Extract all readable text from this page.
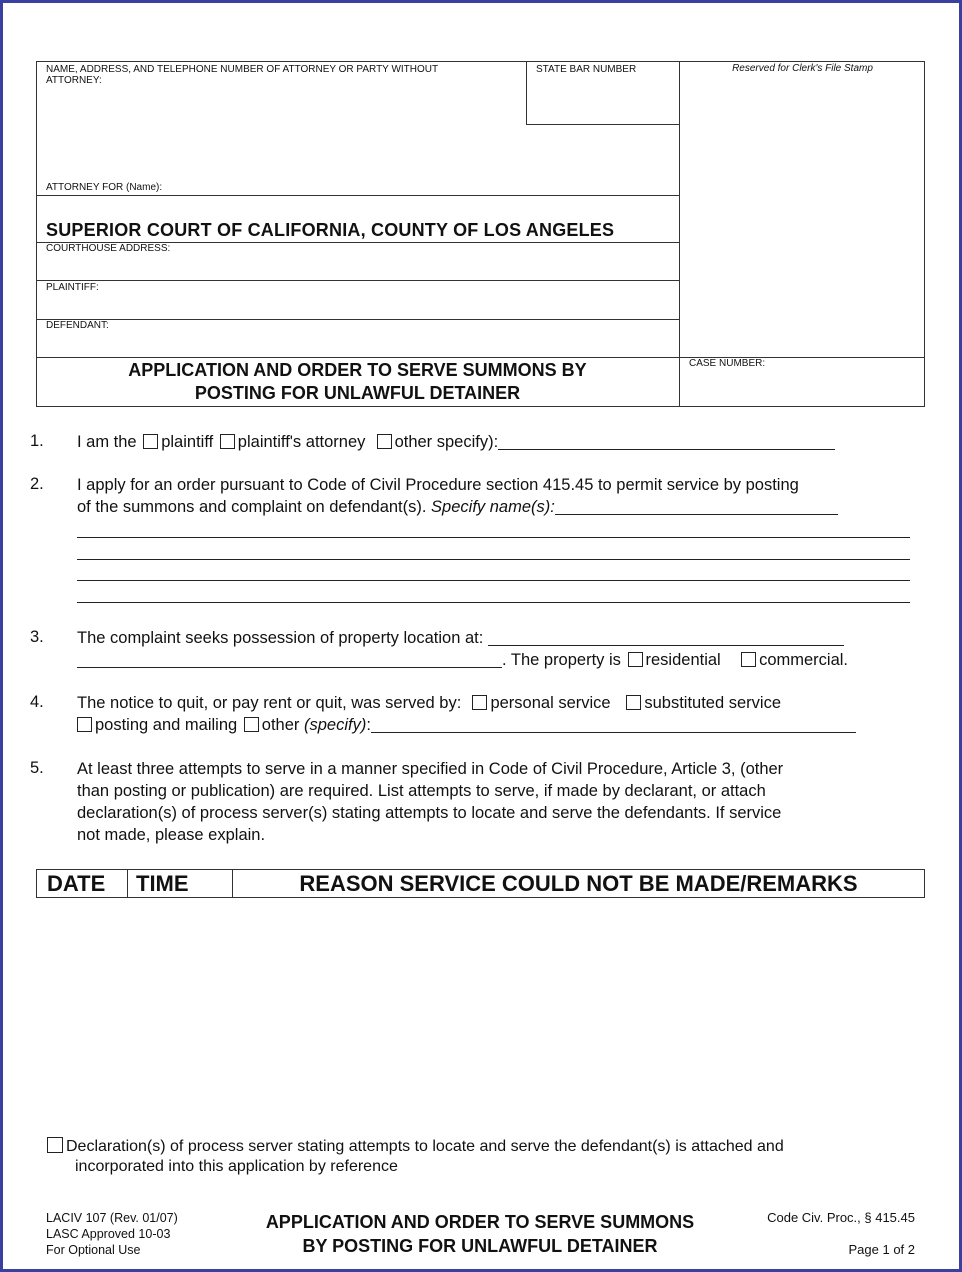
NAME, ADDRESS, AND TELEPHONE NUMBER OF ATTORNEY OR PARTY WITHOUT ATTORNEY:
STATE BAR NUMBER	Reserved for Clerk's File Stamp
ATTORNEY FOR (Name):
SUPERIOR COURT OF CALIFORNIA, COUNTY OF LOS ANGELES
COURTHOUSE ADDRESS:
PLAINTIFF:
DEFENDANT:
APPLICATION AND ORDER TO SERVE SUMMONS BY
POSTING FOR UNLAWFUL DETAINER
CASE NUMBER:
1. I am the plaintiff plaintiff's attorney other specify):
2. I apply for an order pursuant to Code of Civil Procedure section 415.45 to permit service by posting
of the summons and complaint on defendant(s). Specify name(s):
3. The complaint seeks possession of property location at:
. The property is residential commercial.
4. The notice to quit, or pay rent or quit, was served by: personal service substituted service
posting and mailing other (specify):
5. At least three attempts to serve in a manner specified in Code of Civil Procedure, Article 3, (other
than posting or publication) are required. List attempts to serve, if made by declarant, or attach
declaration(s) of process server(s) stating attempts to locate and serve the defendants. If service
not made, please explain.
DATE TIME	REASON SERVICE COULD NOT BE MADE/REMARKS
Declaration(s) of process server stating attempts to locate and serve the defendant(s) is attached and
incorporated into this application by reference
LACIV 107 (Rev. 01/07)
LASC Approved 10-03
For Optional Use
APPLICATION AND ORDER TO SERVE SUMMONS
BY POSTING FOR UNLAWFUL DETAINER
Code Civ. Proc., § 415.45
Page 1 of 2
